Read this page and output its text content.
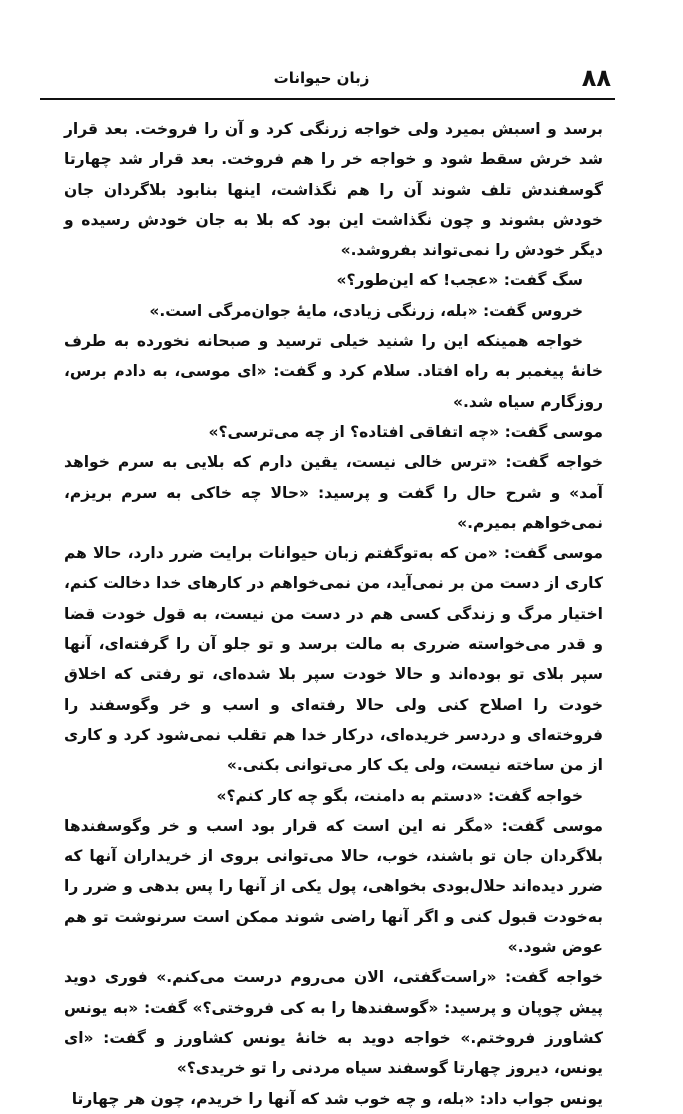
۸۸
زبان حیوانات

برسد و اسبش بمیرد ولی خواجه زرنگی کرد و آن را فروخت. بعد قرار شد خرش سقط شود و خواجه خر را هم فروخت. بعد قرار شد چهارتا گوسفندش تلف شوند آن را هم نگذاشت، اینها بنابود بلاگردان جان خودش بشوند و چون نگذاشت این بود که بلا به جان خودش رسیده و دیگر خودش را نمی‌تواند بفروشد.»

سگ گفت: «عجب! که این‌طور؟»

خروس گفت: «بله، زرنگی زیادی، مایهٔ جوان‌مرگی است.»

خواجه همینکه این را شنید خیلی ترسید و صبحانه نخورده به طرف خانهٔ پیغمبر به راه افتاد. سلام کرد و گفت: «ای موسی، به دادم برس، روزگارم سیاه شد.»

موسی گفت: «چه اتفاقی افتاده؟ از چه می‌ترسی؟»

خواجه گفت: «ترس خالی نیست، یقین دارم که بلایی به سرم خواهد آمد» و شرح حال را گفت و پرسید: «حالا چه خاکی به سرم بریزم، نمی‌خواهم بمیرم.»

موسی گفت: «من که به‌توگفتم زبان حیوانات برایت ضرر دارد، حالا هم کاری از دست من بر نمی‌آید، من نمی‌خواهم در کارهای خدا دخالت کنم، اختیار مرگ و زندگی کسی هم در دست من نیست، به قول خودت قضا و قدر می‌خواسته ضرری به مالت برسد و تو جلو آن را گرفته‌ای، آنها سپر بلای تو بوده‌اند و حالا خودت سپر بلا شده‌ای، تو رفتی که اخلاق خودت را اصلاح کنی ولی حالا رفته‌ای و اسب و خر وگوسفند را فروخته‌ای و دردسر خریده‌ای، درکار خدا هم تقلب نمی‌شود کرد و کاری از من ساخته نیست، ولی یک کار می‌توانی بکنی.»

خواجه گفت: «دستم به دامنت، بگو چه کار کنم؟»

موسی گفت: «مگر نه این است که قرار بود اسب و خر وگوسفندها بلاگردان جان تو باشند، خوب، حالا می‌توانی بروی از خریداران آنها که ضرر دیده‌اند حلال‌بودی بخواهی، پول یکی از آنها را پس بدهی و ضرر را به‌خودت قبول کنی و اگر آنها راضی شوند ممکن است سرنوشت تو هم عوض شود.»

خواجه گفت: «راست‌گفتی، الان می‌روم درست می‌کنم.» فوری دوید پیش چوپان و پرسید: «گوسفندها را به کی فروختی؟» گفت: «به یونس کشاورز فروختم.» خواجه دوید به خانهٔ یونس کشاورز و گفت: «ای یونس، دیروز چهارتا گوسفند سیاه مردنی را تو خریدی؟»

یونس جواب داد: «بله، و چه خوب شد که آنها را خریدم، چون هر چهارتا
